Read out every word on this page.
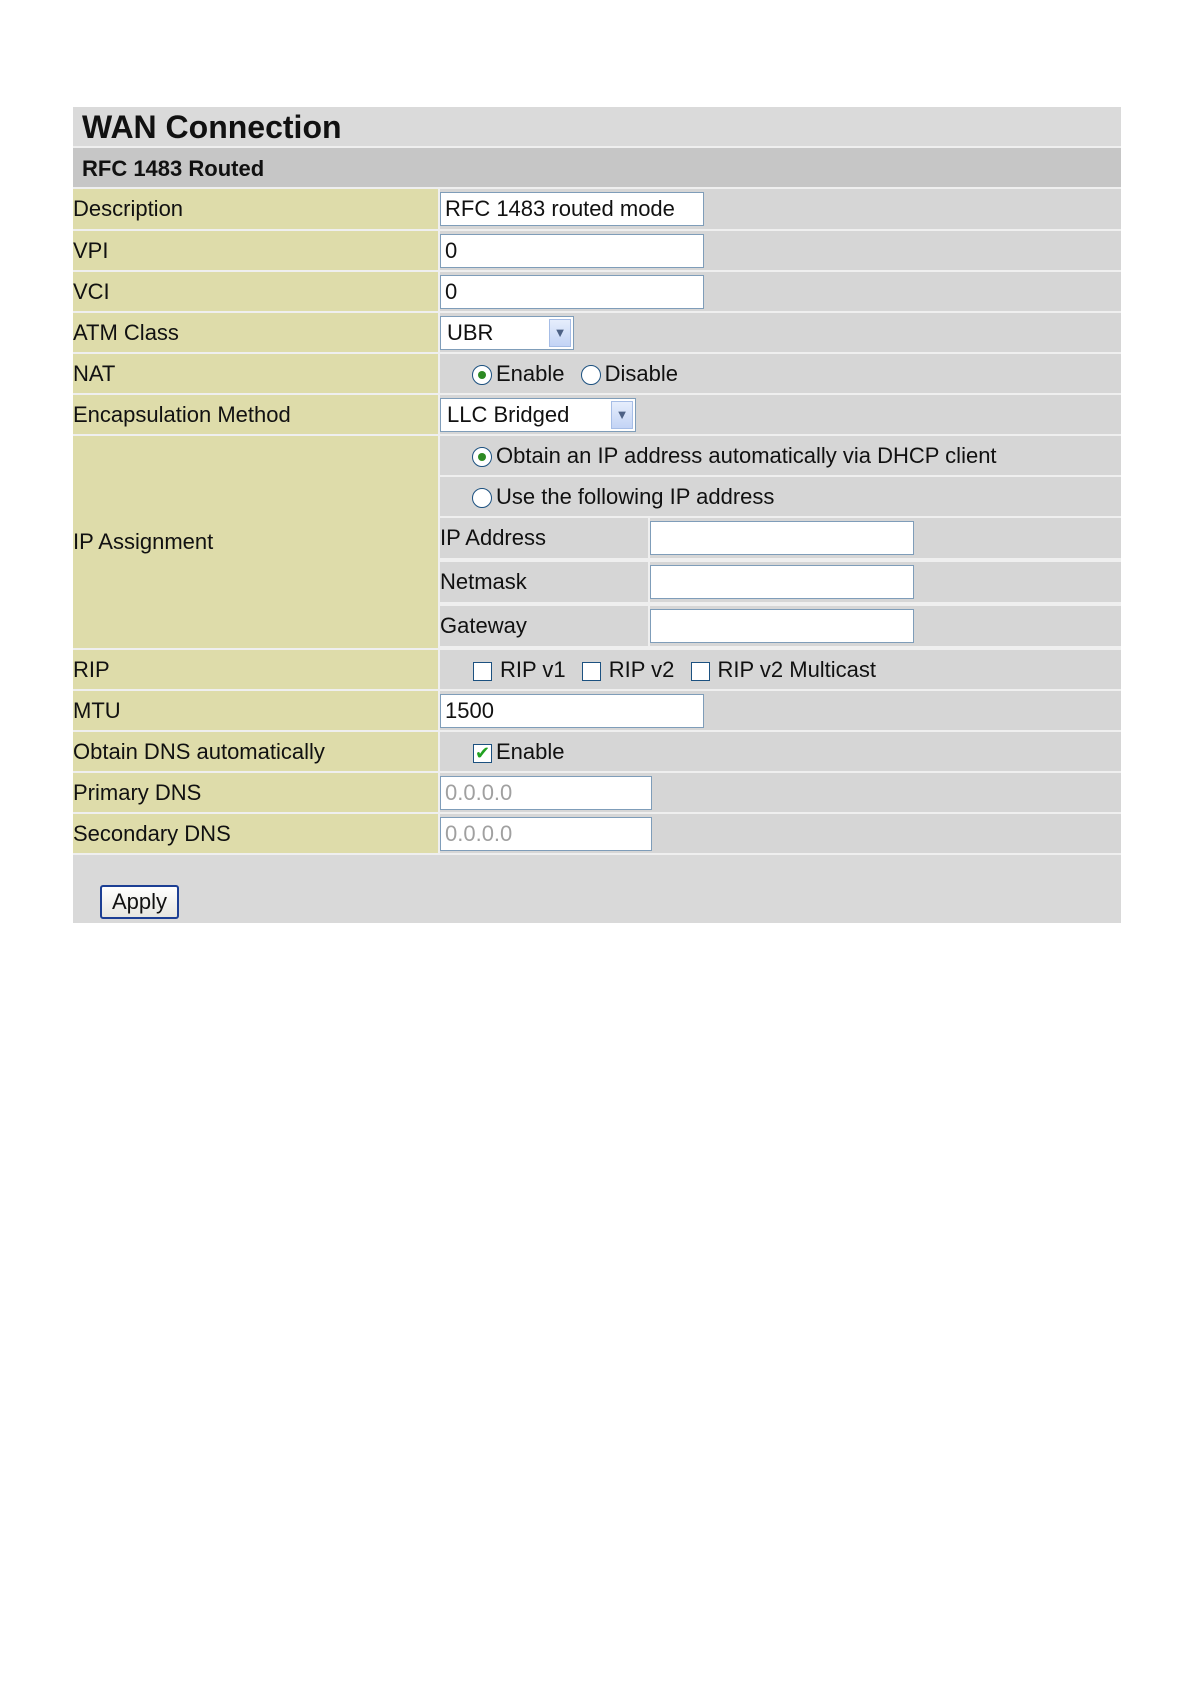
WAN Connection
RFC 1483 Routed
Description	RFC 1483 routed mode
VPI	0
VCI	0
ATM Class	UBR	▼

NAT	Enable Disable
Encapsulation Method	LLC Bridged	▼

IP Assignment	Obtain an IP address automatically via DHCP client
Use the following IP address

IP Address	

Netmask	

Gateway	

RIP	RIP v1 RIP v2 RIP v2 Multicast
MTU	1500
Obtain DNS automatically	✔ Enable
Primary DNS	0.0.0.0
Secondary DNS	0.0.0.0
Apply
